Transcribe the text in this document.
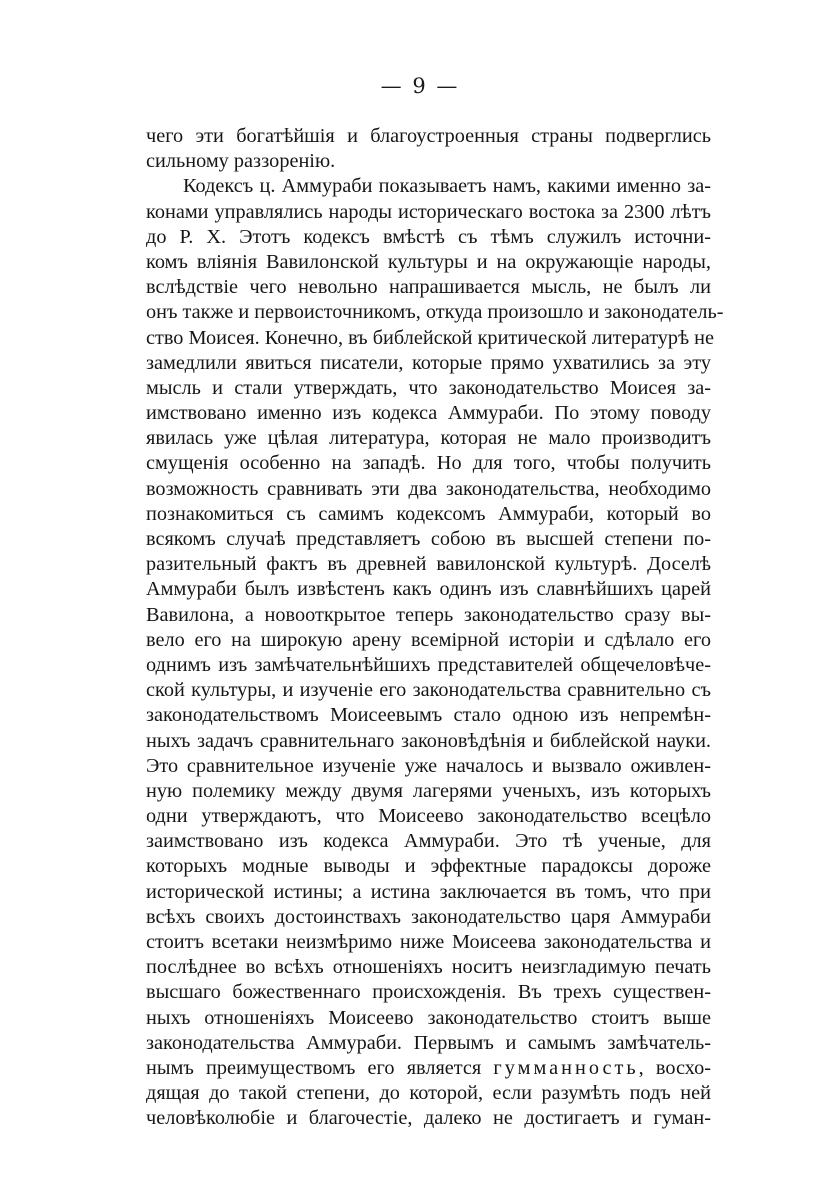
— 9 —
чего эти богатѣйшія и благоустроенныя страны подверглись
сильному раззоренію.
Кодексъ ц. Аммураби показываетъ намъ, какими именно за-
конами управлялись народы историческаго востока за 2300 лѣтъ
до Р. Х. Этотъ кодексъ вмѣстѣ съ тѣмъ служилъ источни-
комъ вліянія Вавилонской культуры и на окружающіе народы,
вслѣдствіе чего невольно напрашивается мысль, не былъ ли
онъ также и первоисточникомъ, откуда произошло и законодатель-
ство Моисея. Конечно, въ библейской критической литературѣ не
замедлили явиться писатели, которые прямо ухватились за эту
мысль и стали утверждать, что законодательство Моисея за-
имствовано именно изъ кодекса Аммураби. По этому поводу
явилась уже цѣлая литература, которая не мало производитъ
смущенія особенно на западѣ. Но для того, чтобы получить
возможность сравнивать эти два законодательства, необходимо
познакомиться съ самимъ кодексомъ Аммураби, который во
всякомъ случаѣ представляетъ собою въ высшей степени по-
разительный фактъ въ древней вавилонской культурѣ. Доселѣ
Аммураби былъ извѣстенъ какъ одинъ изъ славнѣйшихъ царей
Вавилона, а новооткрытое теперь законодательство сразу вы-
вело его на широкую арену всемірной исторіи и сдѣлало его
однимъ изъ замѣчательнѣйшихъ представителей общечеловѣче-
ской культуры, и изученіе его законодательства сравнительно съ
законодательствомъ Моисеевымъ стало одною изъ непремѣн-
ныхъ задачъ сравнительнаго законовѣдѣнія и библейской науки.
Это сравнительное изученіе уже началось и вызвало оживлен-
ную полемику между двумя лагерями ученыхъ, изъ которыхъ
одни утверждаютъ, что Моисеево законодательство всецѣло
заимствовано изъ кодекса Аммураби. Это тѣ ученые, для
которыхъ модные выводы и эффектные парадоксы дороже
исторической истины; а истина заключается въ томъ, что при
всѣхъ своихъ достоинствахъ законодательство царя Аммураби
стоитъ всетаки неизмѣримо ниже Моисеева законодательства и
послѣднее во всѣхъ отношеніяхъ носитъ неизгладимую печать
высшаго божественнаго происхожденія. Въ трехъ существен-
ныхъ отношеніяхъ Моисеево законодательство стоитъ выше
законодательства Аммураби. Первымъ и самымъ замѣчатель-
нымъ преимуществомъ его является гумманность, восхо-
дящая до такой степени, до которой, если разумѣть подъ ней
человѣколюбіе и благочестіе, далеко не достигаетъ и гуман-
